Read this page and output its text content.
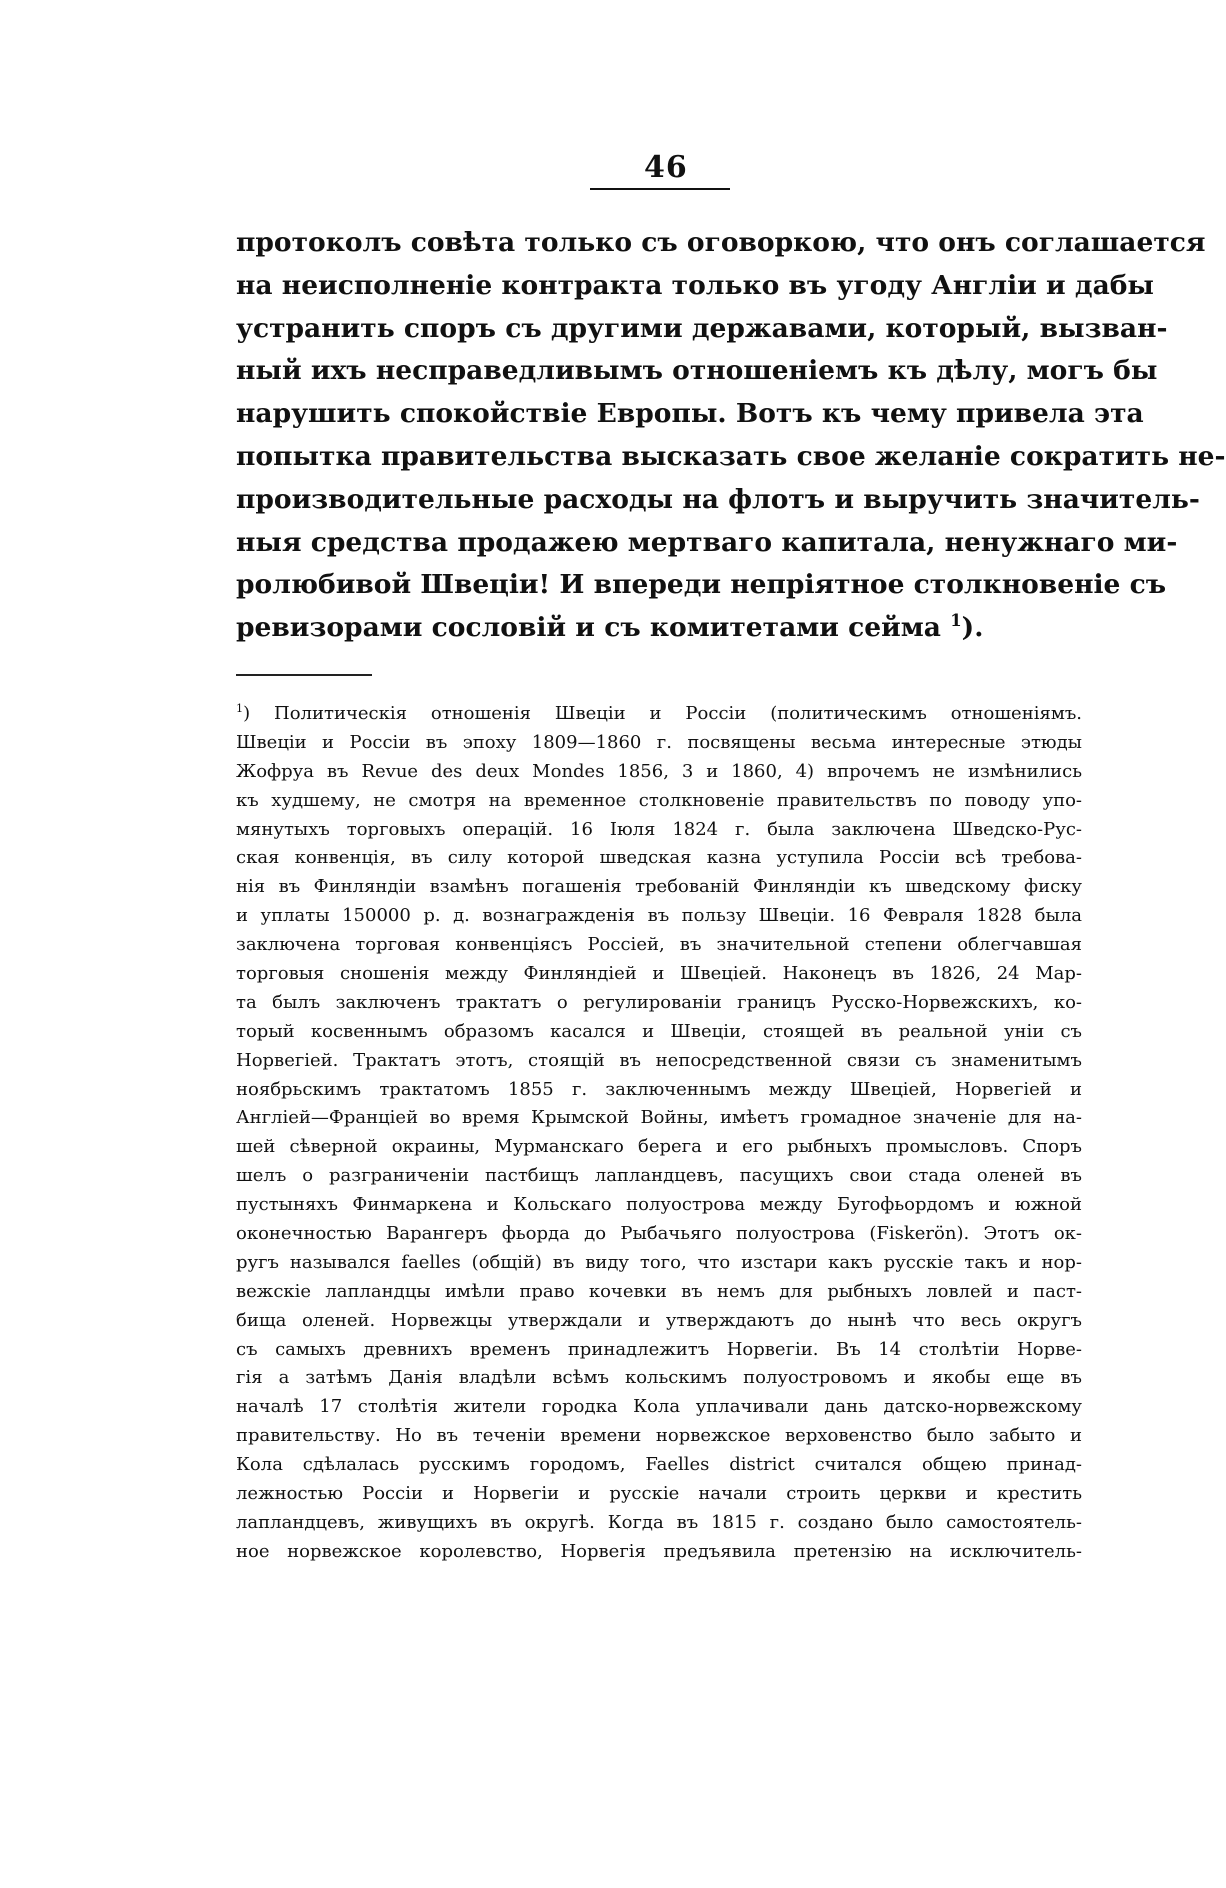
46
протоколъ совѣта только съ оговоркою, что онъ соглашается
на неисполненіе контракта только въ угоду Англіи и дабы
устранить споръ съ другими державами, который, вызван-
ный ихъ несправедливымъ отношеніемъ къ дѣлу, могъ бы
нарушить спокойствіе Европы. Вотъ къ чему привела эта
попытка правительства высказать свое желаніе сократить не-
производительные расходы на флотъ и выручить значитель-
ныя средства продажею мертваго капитала, ненужнаго ми-
ролюбивой Швеціи! И впереди непріятное столкновеніе съ
ревизорами сословій и съ комитетами сейма $^1$).
$^1$) Политическія отношенія Швеціи и Россіи (политическимъ отношеніямъ.
Швеціи и Россіи въ эпоху 1809—1860 г. посвящены весьма интересные этюды
Жофруа въ Revue des deux Mondes 1856, 3 и 1860, 4) впрочемъ не измѣнились
къ худшему, не смотря на временное столкновеніе правительствъ по поводу упо-
мянутыхъ торговыхъ операцій. 16 Іюля 1824 г. была заключена Шведско-Рус-
ская конвенція, въ силу которой шведская казна уступила Россіи всѣ требова-
нія въ Финляндіи взамѣнъ погашенія требованій Финляндіи къ шведскому фиску
и уплаты 150000 р. д. вознагражденія въ пользу Швеціи. 16 Февраля 1828 была
заключена торговая конвенціясъ Россіей, въ значительной степени облегчавшая
торговыя сношенія между Финляндіей и Швеціей. Наконецъ въ 1826, 24 Мар-
та былъ заключенъ трактатъ о регулированіи границъ Русско-Норвежскихъ, ко-
торый косвеннымъ образомъ касался и Швеціи, стоящей въ реальной уніи съ
Норвегіей. Трактатъ этотъ, стоящій въ непосредственной связи съ знаменитымъ
ноябрьскимъ трактатомъ 1855 г. заключеннымъ между Швеціей, Норвегіей и
Англіей—Франціей во время Крымской Войны, имѣетъ громадное значеніе для на-
шей сѣверной окраины, Мурманскаго берега и его рыбныхъ промысловъ. Споръ
шелъ о разграниченіи пастбищъ лапландцевъ, пасущихъ свои стада оленей въ
пустыняхъ Финмаркена и Кольскаго полуострова между Буrофьордомъ и южной
оконечностью Варангеръ фьорда до Рыбачьяго полуострова (Fiskerön). Этотъ ок-
ругъ назывался faelles (общій) въ виду того, что изстари какъ русскіе такъ и нор-
вежскіе лапландцы имѣли право кочевки въ немъ для рыбныхъ ловлей и паст-
бища оленей. Норвежцы утверждали и утверждаютъ до нынѣ что весь округъ
съ самыхъ древнихъ временъ принадлежитъ Норвегіи. Въ 14 столѣтіи Норве-
гія а затѣмъ Данія владѣли всѣмъ кольскимъ полуостровомъ и якобы еще въ
началѣ 17 столѣтія жители городка Кола уплачивали дань датско-норвежскому
правительству. Но въ теченіи времени норвежское верховенство было забыто и
Кола сдѣлалась русскимъ городомъ, Faelles district считался общею принад-
лежностью Россіи и Норвегіи и русскіе начали строить церкви и крестить
лапландцевъ, живущихъ въ округѣ. Когда въ 1815 г. создано было самостоятель-
ное норвежское королевство, Норвегія предъявила претензію на исключитель-
